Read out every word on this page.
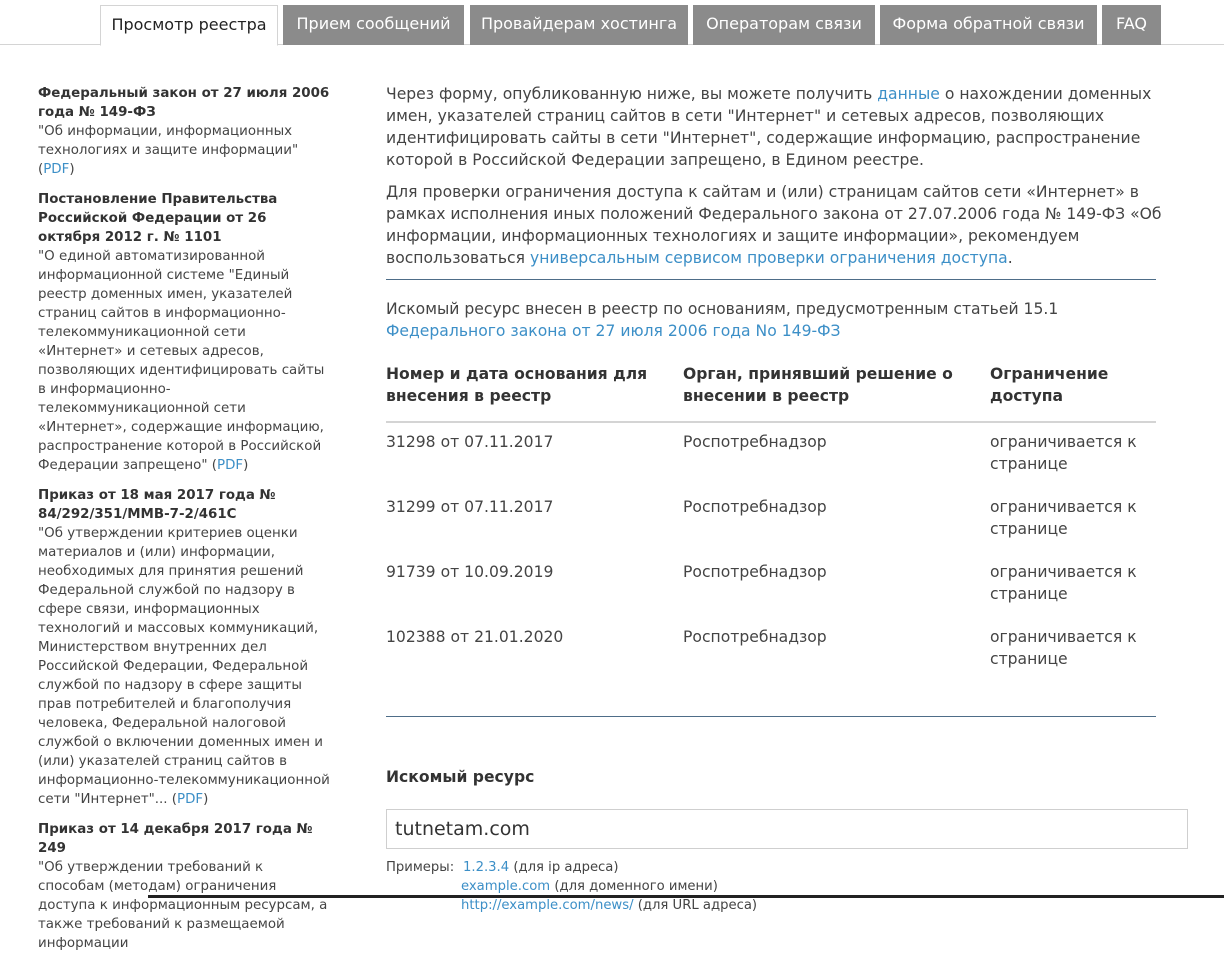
Просмотр реестра	Прием сообщений	Провайдерам хостинга	Операторам связи	Форма обратной связи	FAQ
Федеральный закон от 27 июля 2006 года № 149-ФЗ
"Об информации, информационных технологиях и защите информации" (PDF)
Постановление Правительства Российской Федерации от 26 октября 2012 г. № 1101
"О единой автоматизированной информационной системе "Единый реестр доменных имен, указателей страниц сайтов в информационно-телекоммуникационной сети «Интернет» и сетевых адресов, позволяющих идентифицировать сайты в информационно-телекоммуникационной сети «Интернет», содержащие информацию, распространение которой в Российской Федерации запрещено" (PDF)
Приказ от 18 мая 2017 года № 84/292/351/ММВ-7-2/461С
"Об утверждении критериев оценки материалов и (или) информации, необходимых для принятия решений Федеральной службой по надзору в сфере связи, информационных технологий и массовых коммуникаций, Министерством внутренних дел Российской Федерации, Федеральной службой по надзору в сфере защиты прав потребителей и благополучия человека, Федеральной налоговой службой о включении доменных имен и (или) указателей страниц сайтов в информационно-телекоммуникационной сети "Интернет"... (PDF)
Приказ от 14 декабря 2017 года № 249
"Об утверждении требований к способам (методам) ограничения доступа к информационным ресурсам, а также требований к размещаемой информации
Через форму, опубликованную ниже, вы можете получить данные о нахождении доменных имен, указателей страниц сайтов в сети "Интернет" и сетевых адресов, позволяющих идентифицировать сайты в сети "Интернет", содержащие информацию, распространение которой в Российской Федерации запрещено, в Едином реестре.
Для проверки ограничения доступа к сайтам и (или) страницам сайтов сети «Интернет» в рамках исполнения иных положений Федерального закона от 27.07.2006 года № 149-ФЗ «Об информации, информационных технологиях и защите информации», рекомендуем воспользоваться универсальным сервисом проверки ограничения доступа.
Искомый ресурс внесен в реестр по основаниям, предусмотренным статьей 15.1
Федерального закона от 27 июля 2006 года No 149-ФЗ
Номер и дата основания для внесения в реестр	Орган, принявший решение о внесении в реестр	Ограничение доступа
31298 от 07.11.2017	Роспотребнадзор	ограничивается к странице
31299 от 07.11.2017	Роспотребнадзор	ограничивается к странице
91739 от 10.09.2019	Роспотребнадзор	ограничивается к странице
102388 от 21.01.2020	Роспотребнадзор	ограничивается к странице
Искомый ресурс
tutnetam.com
Примеры: 1.2.3.4 (для ip адреса)
example.com (для доменного имени)
http://example.com/news/ (для URL адреса)
